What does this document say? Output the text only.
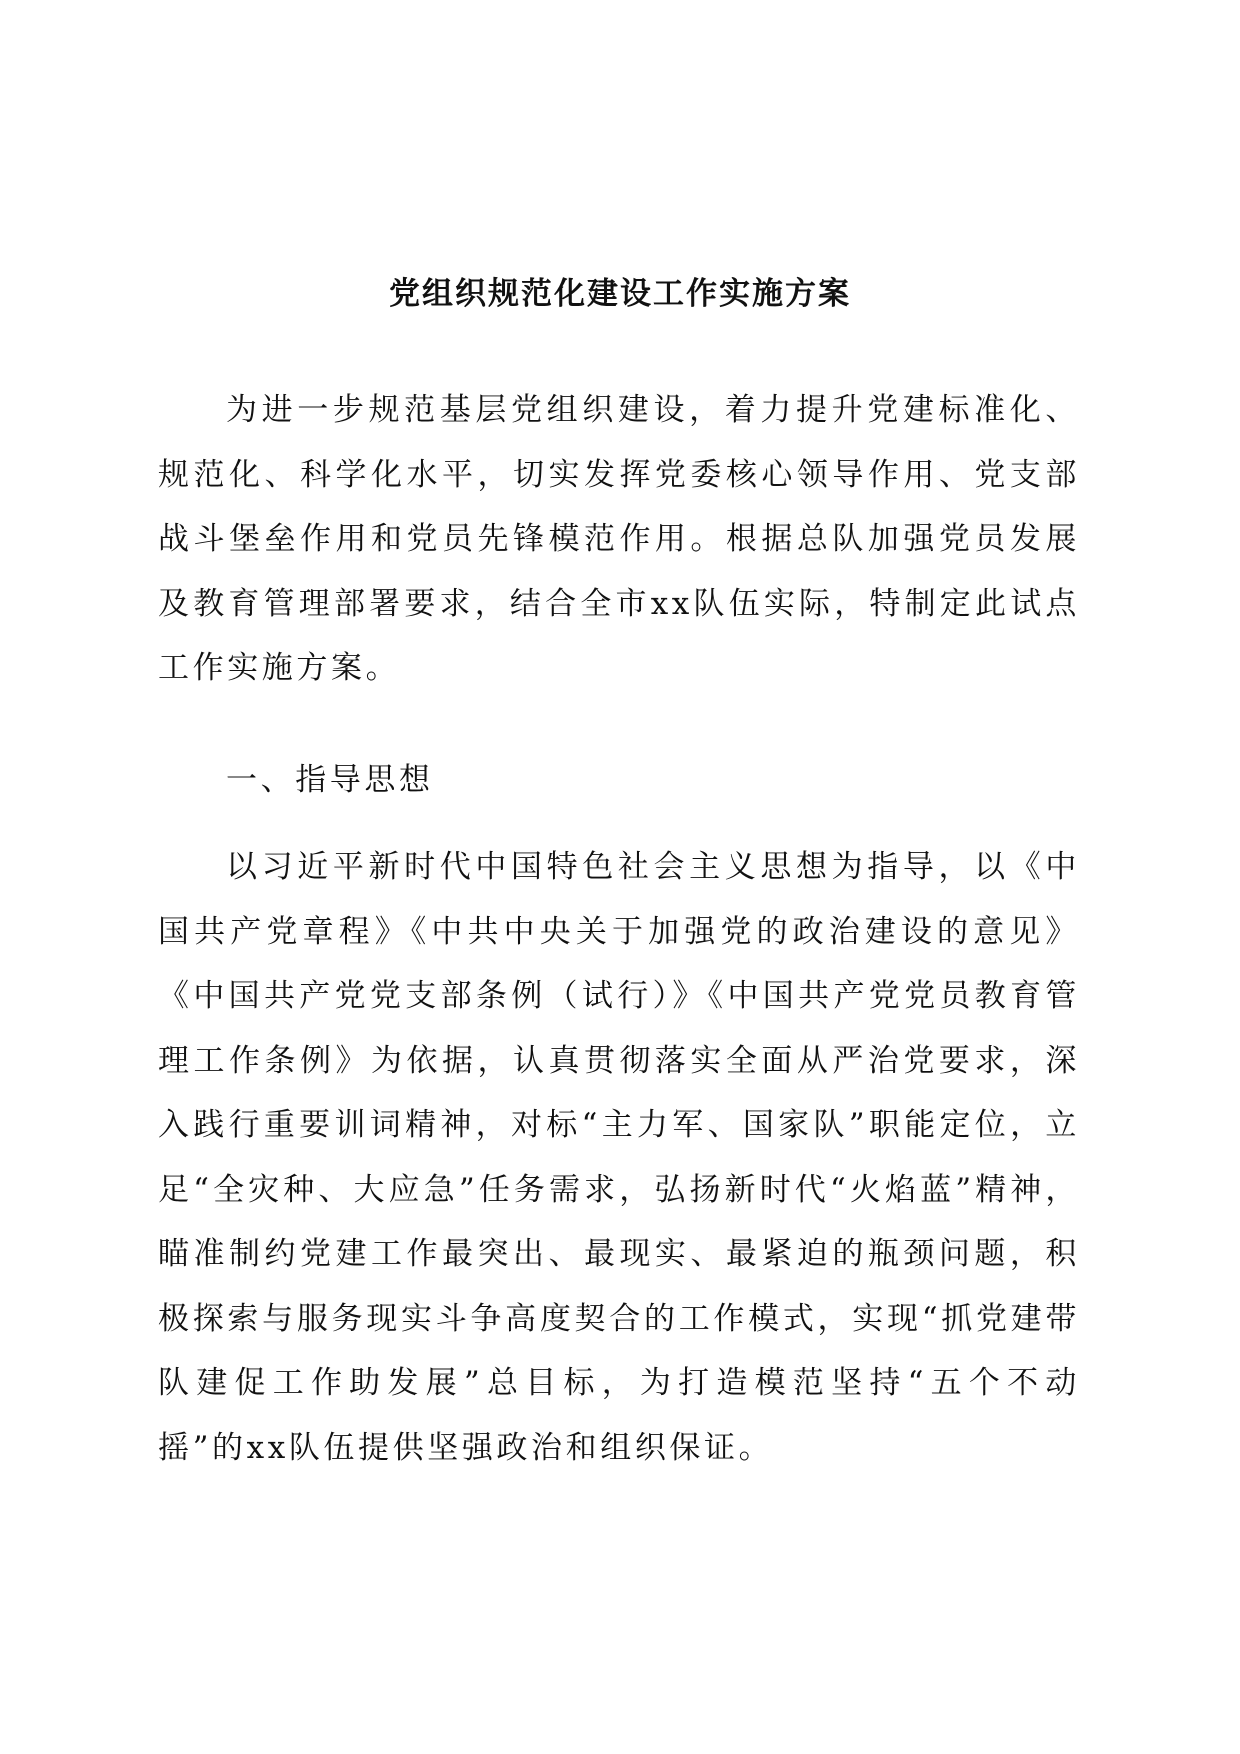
党组织规范化建设工作实施方案

为进一步规范基层党组织建设，着力提升党建标准化、规范化、科学化水平，切实发挥党委核心领导作用、党支部战斗堡垒作用和党员先锋模范作用。根据总队加强党员发展及教育管理部署要求，结合全市xx队伍实际，特制定此试点工作实施方案。

一、指导思想

以习近平新时代中国特色社会主义思想为指导，以《中国共产党章程》《中共中央关于加强党的政治建设的意见》《中国共产党党支部条例（试行）》《中国共产党党员教育管理工作条例》为依据，认真贯彻落实全面从严治党要求，深入践行重要训词精神，对标“主力军、国家队”职能定位，立足“全灾种、大应急”任务需求，弘扬新时代“火焰蓝”精神，瞄准制约党建工作最突出、最现实、最紧迫的瓶颈问题，积极探索与服务现实斗争高度契合的工作模式，实现“抓党建带队建促工作助发展”总目标，为打造模范坚持“五个不动摇”的xx队伍提供坚强政治和组织保证。
